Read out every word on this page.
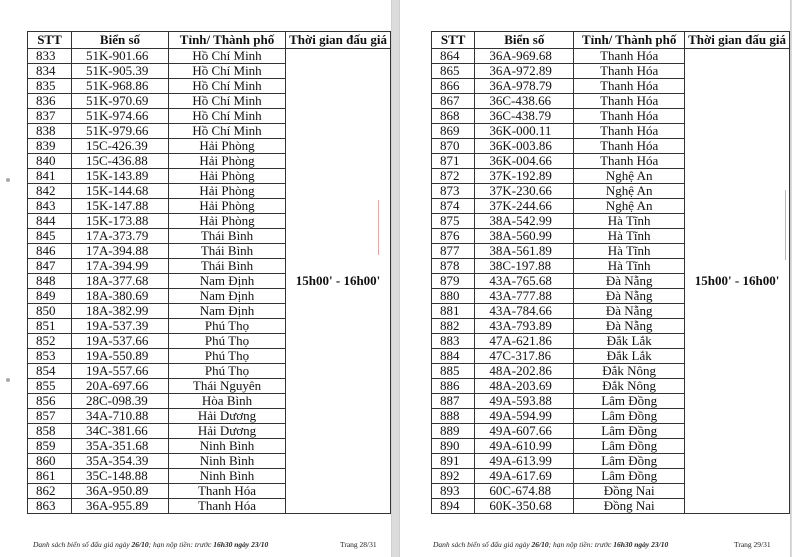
STT	Biển số	Tỉnh/ Thành phố	Thời gian đấu giá
833	51K-901.66	Hồ Chí Minh	15h00' - 16h00'
834	51K-905.39	Hồ Chí Minh	
835	51K-968.86	Hồ Chí Minh	
836	51K-970.69	Hồ Chí Minh	
837	51K-974.66	Hồ Chí Minh	
838	51K-979.66	Hồ Chí Minh	
839	15C-426.39	Hải Phòng	
840	15C-436.88	Hải Phòng	
841	15K-143.89	Hải Phòng	
842	15K-144.68	Hải Phòng	
843	15K-147.88	Hải Phòng	
844	15K-173.88	Hải Phòng	
845	17A-373.79	Thái Bình	
846	17A-394.88	Thái Bình	
847	17A-394.99	Thái Bình	
848	18A-377.68	Nam Định	
849	18A-380.69	Nam Định	
850	18A-382.99	Nam Định	
851	19A-537.39	Phú Thọ	
852	19A-537.66	Phú Thọ	
853	19A-550.89	Phú Thọ	
854	19A-557.66	Phú Thọ	
855	20A-697.66	Thái Nguyên	
856	28C-098.39	Hòa Bình	
857	34A-710.88	Hải Dương	
858	34C-381.66	Hải Dương	
859	35A-351.68	Ninh Bình	
860	35A-354.39	Ninh Bình	
861	35C-148.88	Ninh Bình	
862	36A-950.89	Thanh Hóa	
863	36A-955.89	Thanh Hóa	
Danh sách biển số đấu giá ngày 26/10; hạn nộp tiền: trước 16h30 ngày 23/10	Trang 28/31
STT	Biển số	Tỉnh/ Thành phố	Thời gian đấu giá
864	36A-969.68	Thanh Hóa	15h00' - 16h00'
865	36A-972.89	Thanh Hóa	
866	36A-978.79	Thanh Hóa	
867	36C-438.66	Thanh Hóa	
868	36C-438.79	Thanh Hóa	
869	36K-000.11	Thanh Hóa	
870	36K-003.86	Thanh Hóa	
871	36K-004.66	Thanh Hóa	
872	37K-192.89	Nghệ An	
873	37K-230.66	Nghệ An	
874	37K-244.66	Nghệ An	
875	38A-542.99	Hà Tĩnh	
876	38A-560.99	Hà Tĩnh	
877	38A-561.89	Hà Tĩnh	
878	38C-197.88	Hà Tĩnh	
879	43A-765.68	Đà Nẵng	
880	43A-777.88	Đà Nẵng	
881	43A-784.66	Đà Nẵng	
882	43A-793.89	Đà Nẵng	
883	47A-621.86	Đắk Lắk	
884	47C-317.86	Đắk Lắk	
885	48A-202.86	Đắk Nông	
886	48A-203.69	Đắk Nông	
887	49A-593.88	Lâm Đồng	
888	49A-594.99	Lâm Đồng	
889	49A-607.66	Lâm Đồng	
890	49A-610.99	Lâm Đồng	
891	49A-613.99	Lâm Đồng	
892	49A-617.69	Lâm Đồng	
893	60C-674.88	Đồng Nai	
894	60K-350.68	Đồng Nai	
Danh sách biển số đấu giá ngày 26/10; hạn nộp tiền: trước 16h30 ngày 23/10	Trang 29/31
